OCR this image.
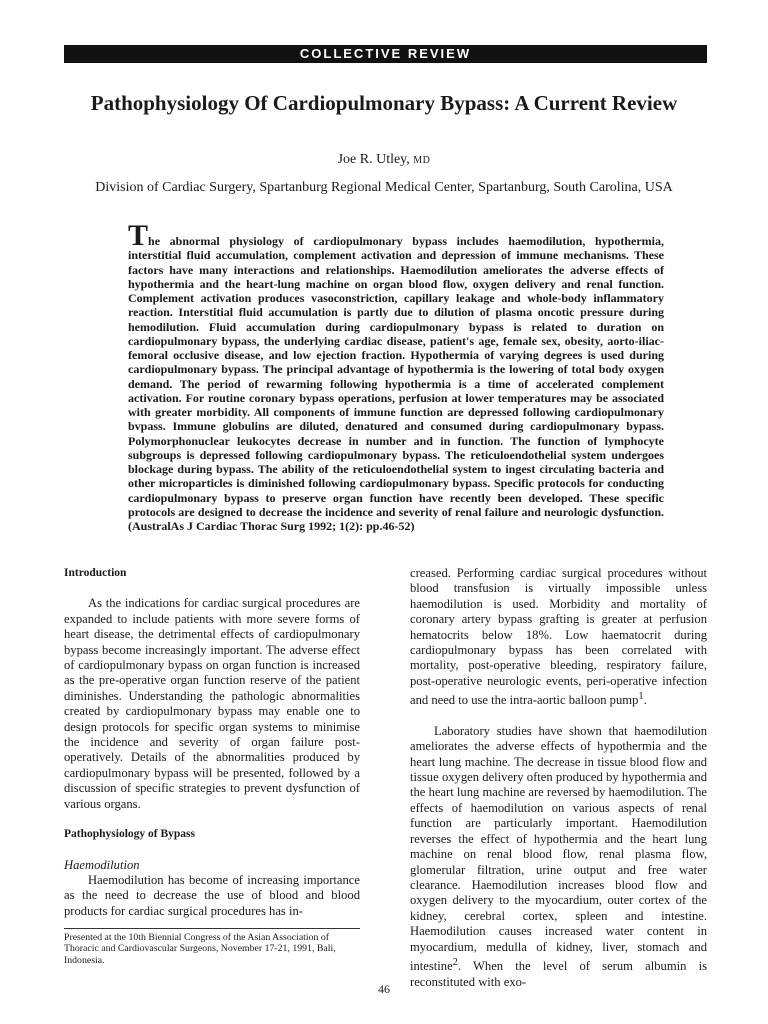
COLLECTIVE REVIEW
Pathophysiology Of Cardiopulmonary Bypass: A Current Review
Joe R. Utley, MD
Division of Cardiac Surgery, Spartanburg Regional Medical Center, Spartanburg, South Carolina, USA
The abnormal physiology of cardiopulmonary bypass includes haemodilution, hypothermia, interstitial fluid accumulation, complement activation and depression of immune mechanisms. These factors have many interactions and relationships. Haemodilution ameliorates the adverse effects of hypothermia and the heart-lung machine on organ blood flow, oxygen delivery and renal function. Complement activation produces vasoconstriction, capillary leakage and whole-body inflammatory reaction. Interstitial fluid accumulation is partly due to dilution of plasma oncotic pressure during hemodilution. Fluid accumulation during cardiopulmonary bypass is related to duration on cardiopulmonary bypass, the underlying cardiac disease, patient's age, female sex, obesity, aorto-iliac-femoral occlusive disease, and low ejection fraction. Hypothermia of varying degrees is used during cardiopulmonary bypass. The principal advantage of hypothermia is the lowering of total body oxygen demand. The period of rewarming following hypothermia is a time of accelerated complement activation. For routine coronary bypass operations, perfusion at lower temperatures may be associated with greater morbidity. All components of immune function are depressed following cardiopulmonary bvpass. Immune globulins are diluted, denatured and consumed during cardiopulmonary bypass. Polymorphonuclear leukocytes decrease in number and in function. The function of lymphocyte subgroups is depressed following cardiopulmonary bypass. The reticuloendothelial system undergoes blockage during bypass. The ability of the reticuloendothelial system to ingest circulating bacteria and other microparticles is diminished following cardiopulmonary bypass. Specific protocols for conducting cardiopulmonary bypass to preserve organ function have recently been developed. These specific protocols are designed to decrease the incidence and severity of renal failure and neurologic dysfunction. (AustralAs J Cardiac Thorac Surg 1992; 1(2): pp.46-52)

Introduction

As the indications for cardiac surgical procedures are expanded to include patients with more severe forms of heart disease, the detrimental effects of cardiopulmonary bypass become increasingly important. The adverse effect of cardiopulmonary bypass on organ function is increased as the pre-operative organ function reserve of the patient diminishes. Understanding the pathologic abnormalities created by cardiopulmonary bypass may enable one to design protocols for specific organ systems to minimise the incidence and severity of organ failure post-operatively. Details of the abnormalities produced by cardiopulmonary bypass will be presented, followed by a discussion of specific strategies to prevent dysfunction of various organs.

Pathophysiology of Bypass

Haemodilution

Haemodilution has become of increasing importance as the need to decrease the use of blood and blood products for cardiac surgical procedures has in-

creased. Performing cardiac surgical procedures without blood transfusion is virtually impossible unless haemodilution is used. Morbidity and mortality of coronary artery bypass grafting is greater at perfusion hematocrits below 18%. Low haematocrit during cardiopulmonary bypass has been correlated with mortality, post-operative bleeding, respiratory failure, post-operative neurologic events, peri-operative infection and need to use the intra-aortic balloon pump$^1$.

Laboratory studies have shown that haemodilution ameliorates the adverse effects of hypothermia and the heart lung machine. The decrease in tissue blood flow and tissue oxygen delivery often produced by hypothermia and the heart lung machine are reversed by haemodilution. The effects of haemodilution on various aspects of renal function are particularly important. Haemodilution reverses the effect of hypothermia and the heart lung machine on renal blood flow, renal plasma flow, glomerular filtration, urine output and free water clearance. Haemodilution increases blood flow and oxygen delivery to the myocardium, outer cortex of the kidney, cerebral cortex, spleen and intestine. Haemodilution causes increased water content in myocardium, medulla of kidney, liver, stomach and intestine$^2$. When the level of serum albumin is reconstituted with exo-

Presented at the 10th Biennial Congress of the Asian Association of Thoracic and Cardiovascular Surgeons, November 17-21, 1991, Bali, Indonesia.
46
